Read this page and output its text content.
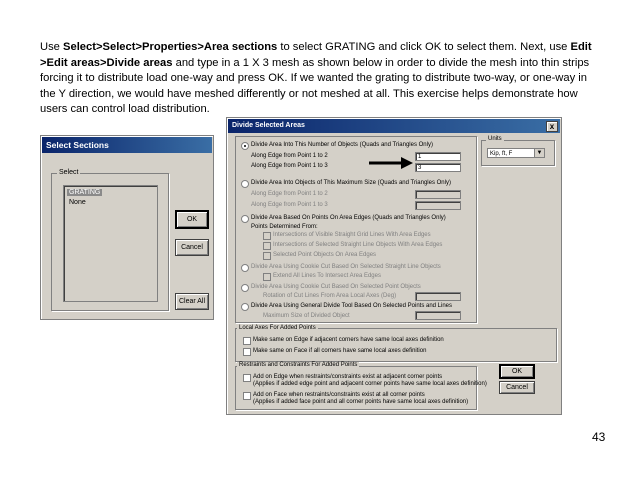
Use Select>Select>Properties>Area sections to select GRATING and click OK to select them. Next, use Edit >Edit areas>Divide areas and type in a 1 X 3 mesh as shown below in order to divide the mesh into thin strips forcing it to distribute load one-way and press OK. If we wanted the grating to distribute two-way, or one-way in the Y direction, we would have meshed differently or not meshed at all. This exercise helps demonstrate how users can control load distribution.

Select Sections
Select
GRATING
None
OK
Cancel
Clear All
Divide Selected Areas	x
Divide Area Into This Number of Objects (Quads and Triangles Only)
Along Edge from Point 1 to 2
Along Edge from Point 1 to 3
1
3
Divide Area Into Objects of This Maximum Size (Quads and Triangles Only)
Along Edge from Point 1 to 2
Along Edge from Point 1 to 3
Divide Area Based On Points On Area Edges (Quads and Triangles Only)
Points Determined From:
Intersections of Visible Straight Grid Lines With Area Edges
Intersections of Selected Straight Line Objects With Area Edges
Selected Point Objects On Area Edges
Divide Area Using Cookie Cut Based On Selected Straight Line Objects
Extend All Lines To Intersect Area Edges
Divide Area Using Cookie Cut Based On Selected Point Objects
Rotation of Cut Lines From Area Local Axes (Deg)
Divide Area Using General Divide Tool Based On Selected Points and Lines
Maximum Size of Divided Object
Units
Kip, ft, F	▼
Local Axes For Added Points
Make same on Edge if adjacent corners have same local axes definition
Make same on Face if all corners have same local axes definition
Restraints and Constraints For Added Points
Add on Edge when restraints/constraints exist at adjacent corner points
(Applies if added edge point and adjacent corner points have same local axes definition)
Add on Face when restraints/constraints exist at all corner points
(Applies if added face point and all corner points have same local axes definition)
OK
Cancel
43
